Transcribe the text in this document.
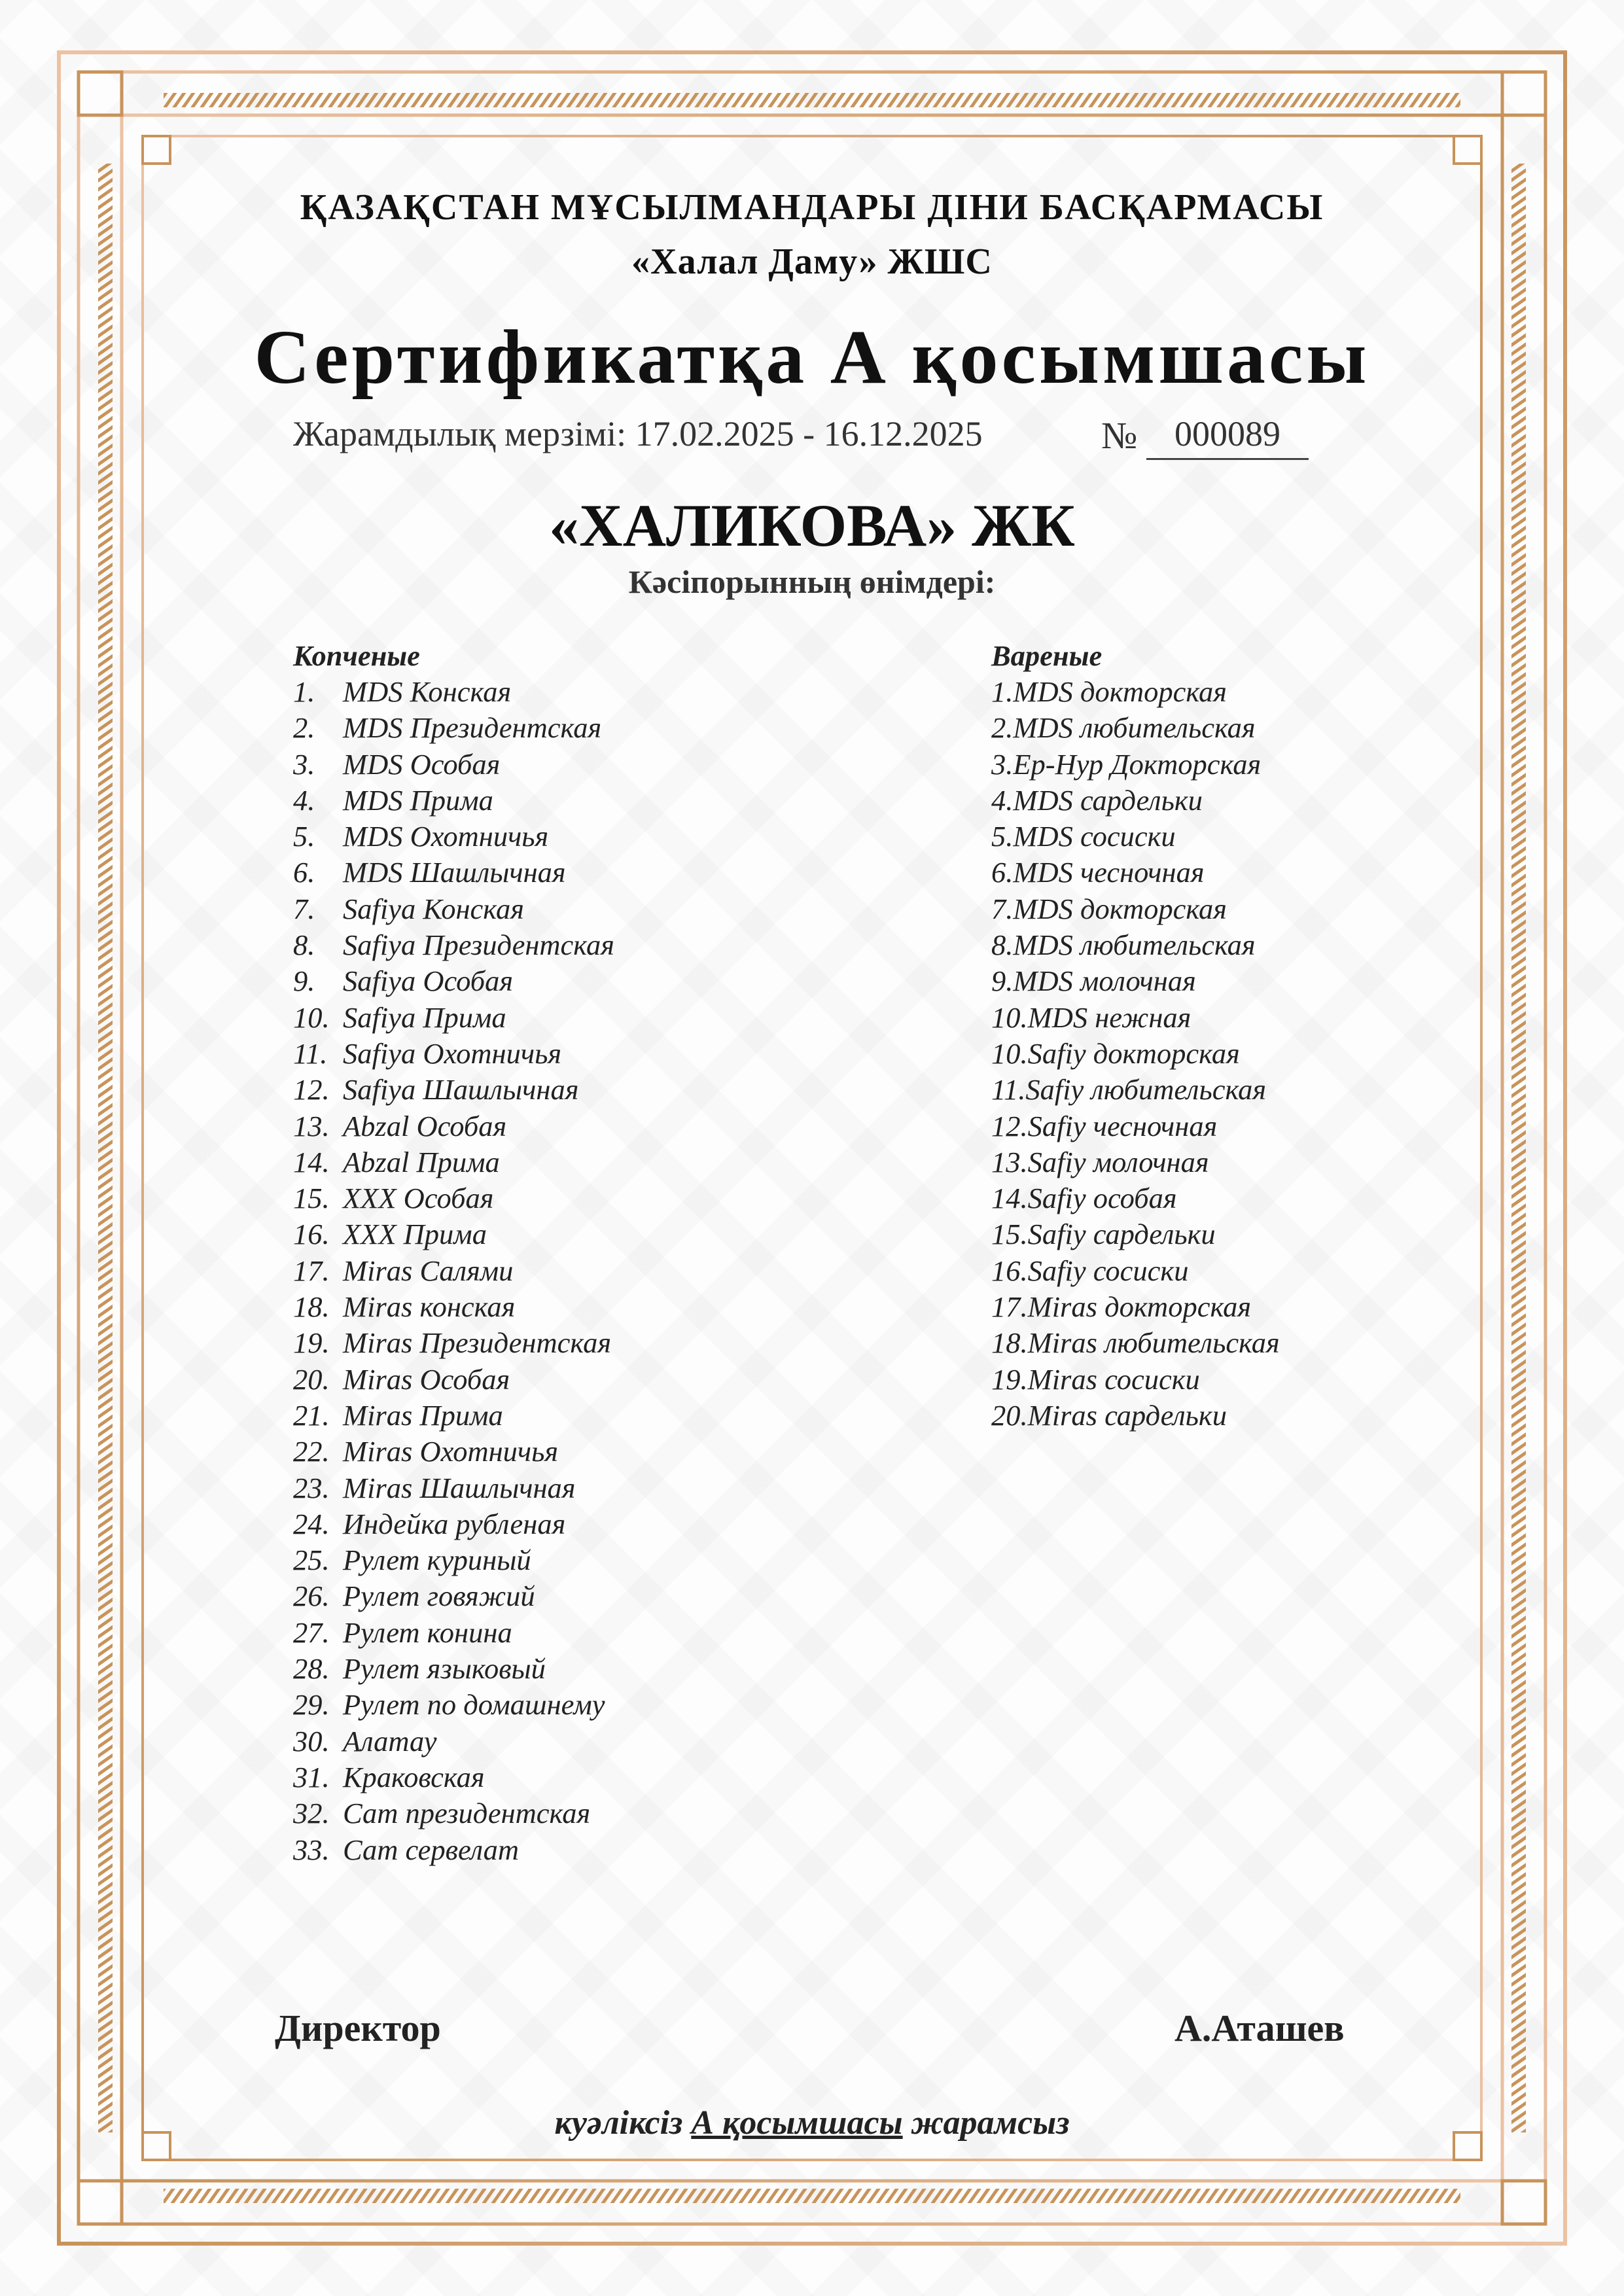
ҚАЗАҚСТАН МҰСЫЛМАНДАРЫ ДІНИ БАСҚАРМАСЫ
«Халал Даму» ЖШС
Сертификатқа А қосымшасы
Жарамдылық мерзімі: 17.02.2025 - 16.12.2025	№	000089
«ХАЛИКОВА» ЖК
Кәсіпорынның өнімдері:
Копченые
1. MDS Конская
2. MDS Президентская
3. MDS Особая
4. MDS Прима
5. MDS Охотничья
6. MDS Шашлычная
7. Safiya Конская
8. Safiya Президентская
9. Safiya Особая
10. Safiya Прима
11. Safiya Охотничья
12. Safiya Шашлычная
13. Abzal Особая
14. Abzal Прима
15. XXX Особая
16. XXX Прима
17. Miras Салями
18. Miras конская
19. Miras Президентская
20. Miras Особая
21. Miras Прима
22. Miras Охотничья
23. Miras Шашлычная
24. Индейка рубленая
25. Рулет куриный
26. Рулет говяжий
27. Рулет конина
28. Рулет языковый
29. Рулет по домашнему
30. Алатау
31. Краковская
32. Сат президентская
33. Сат сервелат
Вареные
1.MDS докторская
2.MDS любительская
3.Ер-Нур Докторская
4.MDS сардельки
5.MDS сосиски
6.MDS чесночная
7.MDS докторская
8.MDS любительская
9.MDS молочная
10.MDS нежная
10.Safiy докторская
11.Safiy любительская
12.Safiy чесночная
13.Safiy молочная
14.Safiy особая
15.Safiy сардельки
16.Safiy сосиски
17.Miras докторская
18.Miras любительская
19.Miras сосиски
20.Miras сардельки
Директор	А.Аташев
куәліксіз А қосымшасы жарамсыз
